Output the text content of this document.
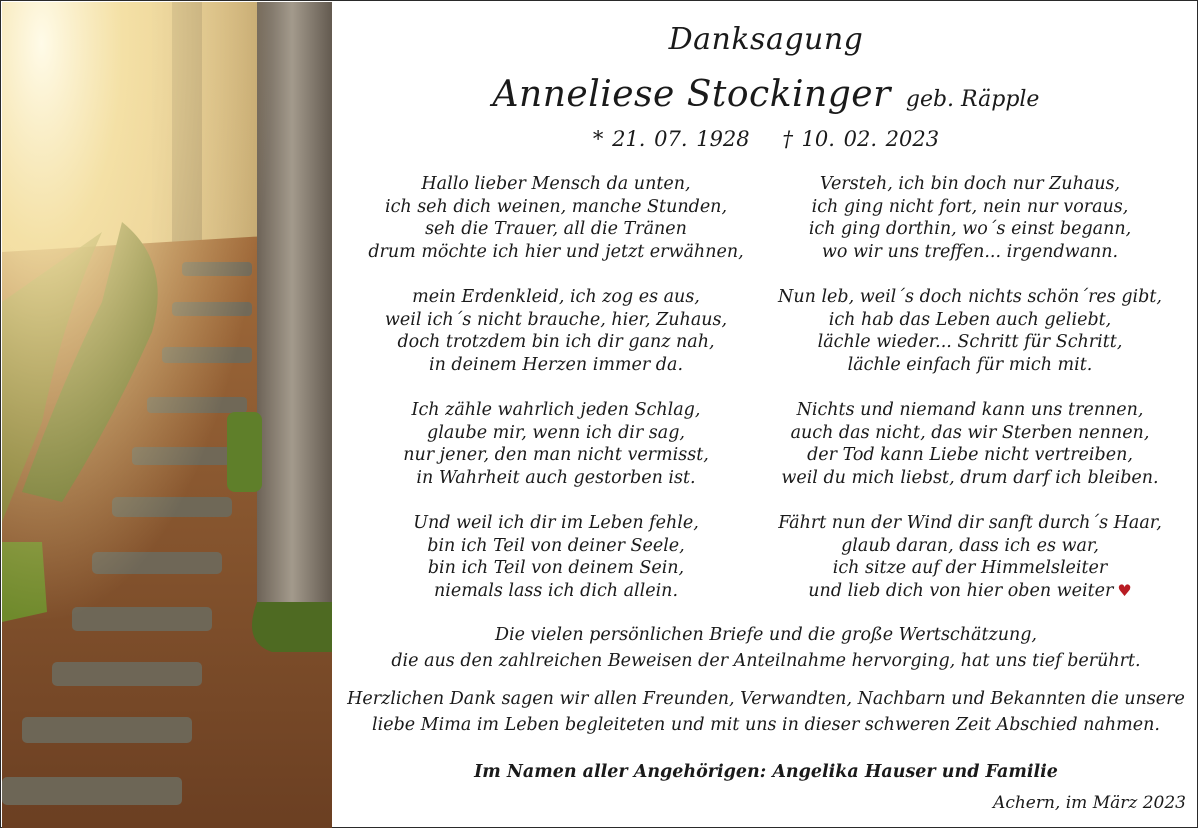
Danksagung
Anneliese Stockinger geb. Räpple
* 21. 07. 1928 † 10. 02. 2023
Hallo lieber Mensch da unten,
ich seh dich weinen, manche Stunden,
seh die Trauer, all die Tränen
drum möchte ich hier und jetzt erwähnen,
mein Erdenkleid, ich zog es aus,
weil ich´s nicht brauche, hier, Zuhaus,
doch trotzdem bin ich dir ganz nah,
in deinem Herzen immer da.
Ich zähle wahrlich jeden Schlag,
glaube mir, wenn ich dir sag,
nur jener, den man nicht vermisst,
in Wahrheit auch gestorben ist.
Und weil ich dir im Leben fehle,
bin ich Teil von deiner Seele,
bin ich Teil von deinem Sein,
niemals lass ich dich allein.
Versteh, ich bin doch nur Zuhaus,
ich ging nicht fort, nein nur voraus,
ich ging dorthin, wo´s einst begann,
wo wir uns treffen... irgendwann.
Nun leb, weil´s doch nichts schön´res gibt,
ich hab das Leben auch geliebt,
lächle wieder... Schritt für Schritt,
lächle einfach für mich mit.
Nichts und niemand kann uns trennen,
auch das nicht, das wir Sterben nennen,
der Tod kann Liebe nicht vertreiben,
weil du mich liebst, drum darf ich bleiben.
Fährt nun der Wind dir sanft durch´s Haar,
glaub daran, dass ich es war,
ich sitze auf der Himmelsleiter
und lieb dich von hier oben weiter ♥
Die vielen persönlichen Briefe und die große Wertschätzung,
die aus den zahlreichen Beweisen der Anteilnahme hervorging, hat uns tief berührt.
Herzlichen Dank sagen wir allen Freunden, Verwandten, Nachbarn und Bekannten die unsere
liebe Mima im Leben begleiteten und mit uns in dieser schweren Zeit Abschied nahmen.
Im Namen aller Angehörigen: Angelika Hauser und Familie
Achern, im März 2023
